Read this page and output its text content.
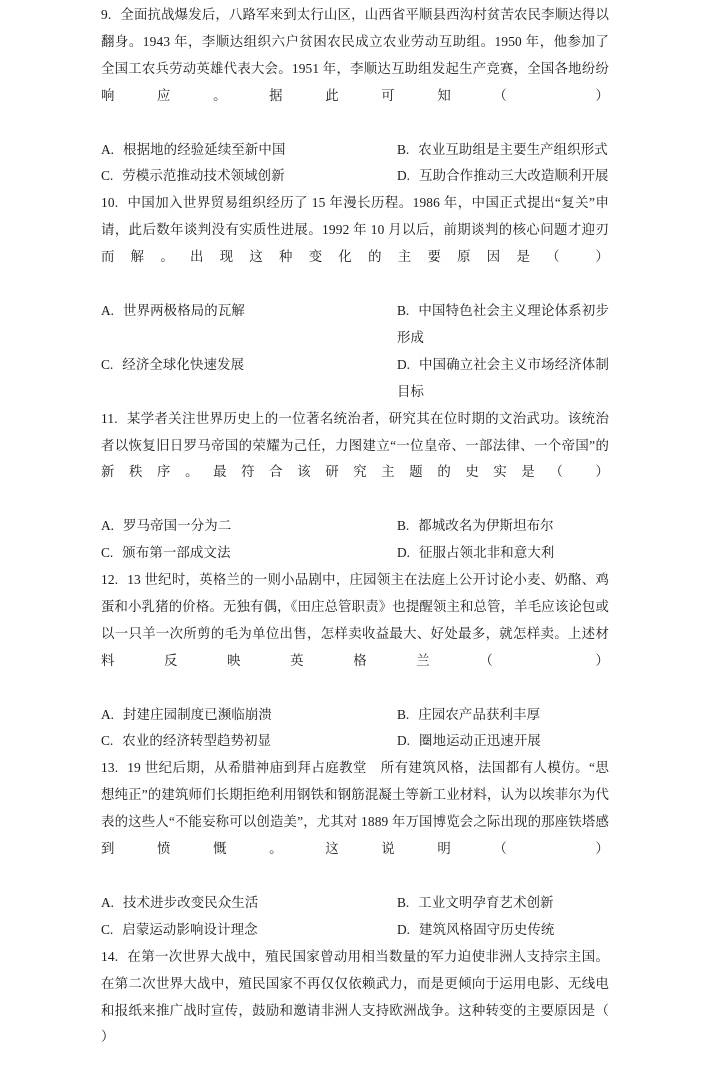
9. 全面抗战爆发后，八路军来到太行山区，山西省平顺县西沟村贫苦农民李顺达得以翻身。1943 年，李顺达组织六户贫困农民成立农业劳动互助组。1950 年，他参加了全国工农兵劳动英雄代表大会。1951 年，李顺达互助组发起生产竞赛，全国各地纷纷响应。据此可知（ ）
A. 根据地的经验延续至新中国	B. 农业互助组是主要生产组织形式
C. 劳模示范推动技术领域创新	D. 互助合作推动三大改造顺利开展
10. 中国加入世界贸易组织经历了 15 年漫长历程。1986 年，中国正式提出“复关”申请，此后数年谈判没有实质性进展。1992 年 10 月以后，前期谈判的核心问题才迎刃而解。出现这种变化的主要原因是（ ）
A. 世界两极格局的瓦解	B. 中国特色社会主义理论体系初步形成
C. 经济全球化快速发展	D. 中国确立社会主义市场经济体制目标
11. 某学者关注世界历史上的一位著名统治者，研究其在位时期的文治武功。该统治者以恢复旧日罗马帝国的荣耀为己任，力图建立“一位皇帝、一部法律、一个帝国”的新秩序。最符合该研究主题的史实是（ ）
A. 罗马帝国一分为二	B. 都城改名为伊斯坦布尔
C. 颁布第一部成文法	D. 征服占领北非和意大利
12. 13 世纪时，英格兰的一则小品剧中，庄园领主在法庭上公开讨论小麦、奶酪、鸡蛋和小乳猪的价格。无独有偶，《田庄总管职责》也提醒领主和总管，羊毛应该论包或以一只羊一次所剪的毛为单位出售，怎样卖收益最大、好处最多，就怎样卖。上述材料反映英格兰（ ）
A. 封建庄园制度已濒临崩溃	B. 庄园农产品获利丰厚
C. 农业的经济转型趋势初显	D. 圈地运动正迅速开展
13. 19 世纪后期，从希腊神庙到拜占庭教堂　所有建筑风格，法国都有人模仿。“思想纯正”的建筑师们长期拒绝利用钢铁和钢筋混凝土等新工业材料，认为以埃菲尔为代表的这些人“不能妄称可以创造美”，尤其对 1889 年万国博览会之际出现的那座铁塔感到愤慨。这说明（ ）
A. 技术进步改变民众生活	B. 工业文明孕育艺术创新
C. 启蒙运动影响设计理念	D. 建筑风格固守历史传统
14. 在第一次世界大战中，殖民国家曾动用相当数量的军力迫使非洲人支持宗主国。在第二次世界大战中，殖民国家不再仅仅依赖武力，而是更倾向于运用电影、无线电和报纸来推广战时宣传，鼓励和邀请非洲人支持欧洲战争。这种转变的主要原因是（ ）
